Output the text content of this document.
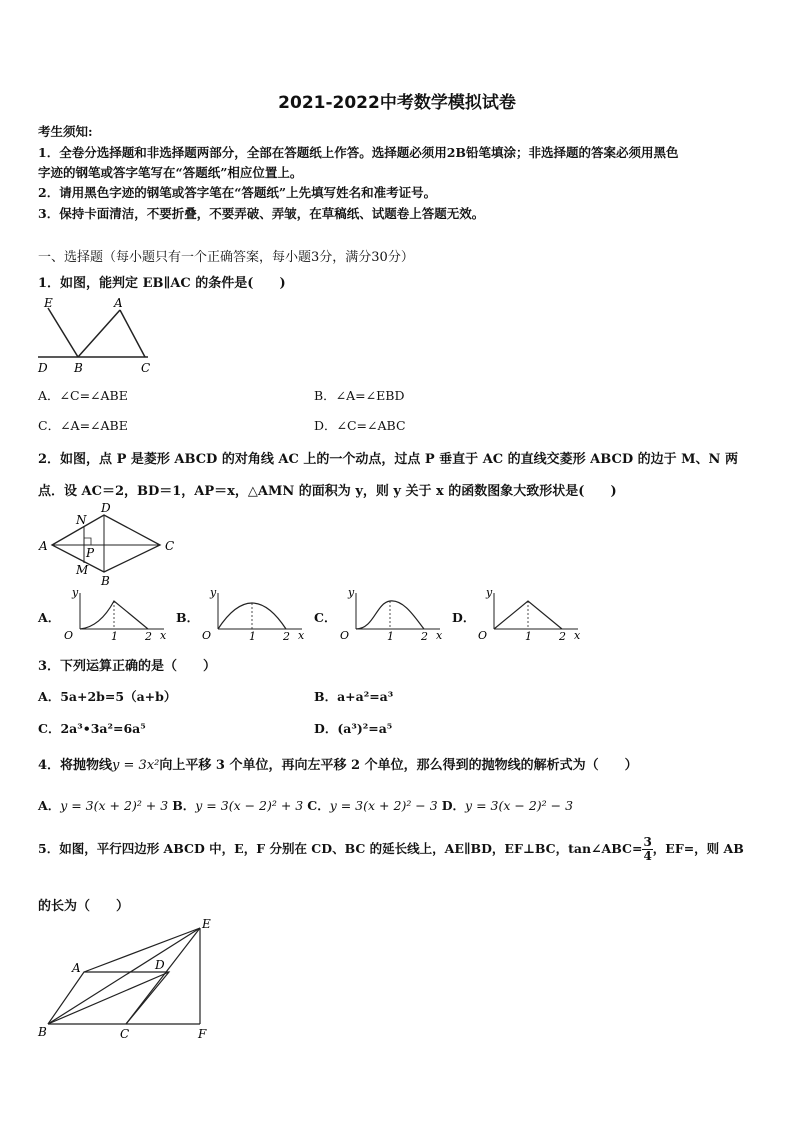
2021-2022中考数学模拟试卷
考生须知:
1．全卷分选择题和非选择题两部分，全部在答题纸上作答。选择题必须用2B铅笔填涂；非选择题的答案必须用黑色
字迹的钢笔或答字笔写在“答题纸”相应位置上。
2．请用黑色字迹的钢笔或答字笔在“答题纸”上先填写姓名和准考证号。
3．保持卡面清洁，不要折叠，不要弄破、弄皱，在草稿纸、试题卷上答题无效。
一、选择题（每小题只有一个正确答案，每小题3分，满分30分）
1．如图，能判定 EB∥AC 的条件是(　　)
E	A
D B	C
A．∠C=∠ABE	B．∠A=∠EBD
C．∠A=∠ABE	D．∠C=∠ABC
2．如图，点 P 是菱形 ABCD 的对角线 AC 上的一个动点，过点 P 垂直于 AC 的直线交菱形 ABCD 的边于 M、N 两
点．设 AC＝2，BD＝1，AP＝x，△AMN 的面积为 y，则 y 关于 x 的函数图象大致形状是(　　)
A
D
C
B
N
P
M
A．
y
O	1 2 x
B．
y
O	1 2 x
C．
y
O	1 2 x
D．
y
O	1 2 x
3．下列运算正确的是（　　）
A．5a+2b=5（a+b）	B．a+a²=a³
C．2a³•3a²=6a⁵	D．(a³)²=a⁵
4．将抛物线y = 3x²向上平移 3 个单位，再向左平移 2 个单位，那么得到的抛物线的解析式为（　　）
A．y = 3(x + 2)² + 3 B．y = 3(x − 2)² + 3 C．y = 3(x + 2)² − 3 D．y = 3(x − 2)² − 3
5．如图，平行四边形 ABCD 中，E，F 分别在 CD、BC 的延长线上，AE∥BD，EF⊥BC，tan∠ABC= $\frac{3}{4}$ ，EF=，则 AB
的长为（　　）
E
A	D
B	C	F
